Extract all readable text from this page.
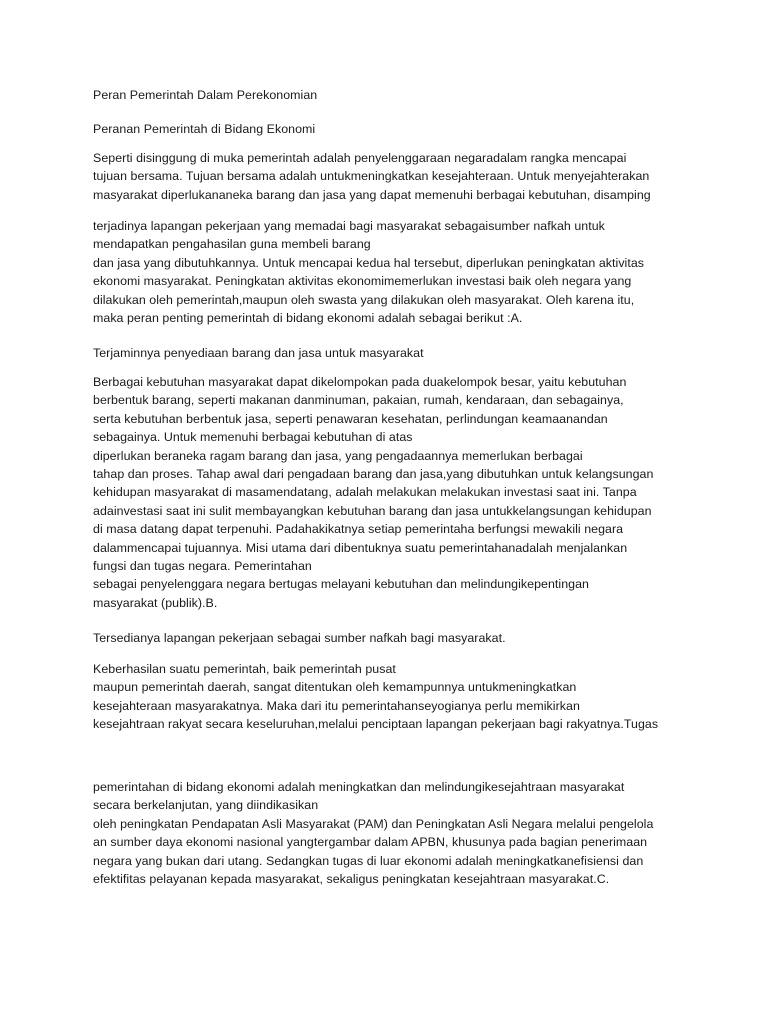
Peran Pemerintah Dalam Perekonomian
Peranan Pemerintah di Bidang Ekonomi
Seperti disinggung di muka pemerintah adalah penyelenggaraan negaradalam rangka mencapai
tujuan bersama. Tujuan bersama adalah untukmeningkatkan kesejahteraan. Untuk menyejahterakan
masyarakat diperlukananeka barang dan jasa yang dapat memenuhi berbagai kebutuhan, disamping
terjadinya lapangan pekerjaan yang memadai bagi masyarakat sebagaisumber nafkah untuk
mendapatkan pengahasilan guna membeli barang
dan jasa yang dibutuhkannya. Untuk mencapai kedua hal tersebut, diperlukan peningkatan aktivitas
ekonomi masyarakat. Peningkatan aktivitas ekonomimemerlukan investasi baik oleh negara yang
dilakukan oleh pemerintah,maupun oleh swasta yang dilakukan oleh masyarakat. Oleh karena itu,
maka peran penting pemerintah di bidang ekonomi adalah sebagai berikut :A.
Terjaminnya penyediaan barang dan jasa untuk masyarakat
Berbagai kebutuhan masyarakat dapat dikelompokan pada duakelompok besar, yaitu kebutuhan
berbentuk barang, seperti makanan danminuman, pakaian, rumah, kendaraan, dan sebagainya,
serta kebutuhan berbentuk jasa, seperti penawaran kesehatan, perlindungan keamaanandan
sebagainya. Untuk memenuhi berbagai kebutuhan di atas
diperlukan beraneka ragam barang dan jasa, yang pengadaannya memerlukan berbagai
tahap dan proses. Tahap awal dari pengadaan barang dan jasa,yang dibutuhkan untuk kelangsungan
kehidupan masyarakat di masamendatang, adalah melakukan melakukan investasi saat ini. Tanpa
adainvestasi saat ini sulit membayangkan kebutuhan barang dan jasa untukkelangsungan kehidupan
di masa datang dapat terpenuhi. Padahakikatnya setiap pemerintaha berfungsi mewakili negara
dalammencapai tujuannya. Misi utama dari dibentuknya suatu pemerintahanadalah menjalankan
fungsi dan tugas negara. Pemerintahan
sebagai penyelenggara negara bertugas melayani kebutuhan dan melindungikepentingan
masyarakat (publik).B.
Tersedianya lapangan pekerjaan sebagai sumber nafkah bagi masyarakat.
Keberhasilan suatu pemerintah, baik pemerintah pusat
maupun pemerintah daerah, sangat ditentukan oleh kemampunnya untukmeningkatkan
kesejahteraan masyarakatnya. Maka dari itu pemerintahanseyogianya perlu memikirkan
kesejahtraan rakyat secara keseluruhan,melalui penciptaan lapangan pekerjaan bagi rakyatnya.Tugas
pemerintahan di bidang ekonomi adalah meningkatkan dan melindungikesejahtraan masyarakat
secara berkelanjutan, yang diindikasikan
oleh peningkatan Pendapatan Asli Masyarakat (PAM) dan Peningkatan Asli Negara melalui pengelola
an sumber daya ekonomi nasional yangtergambar dalam APBN, khusunya pada bagian penerimaan
negara yang bukan dari utang. Sedangkan tugas di luar ekonomi adalah meningkatkanefisiensi dan
efektifitas pelayanan kepada masyarakat, sekaligus peningkatan kesejahtraan masyarakat.C.
